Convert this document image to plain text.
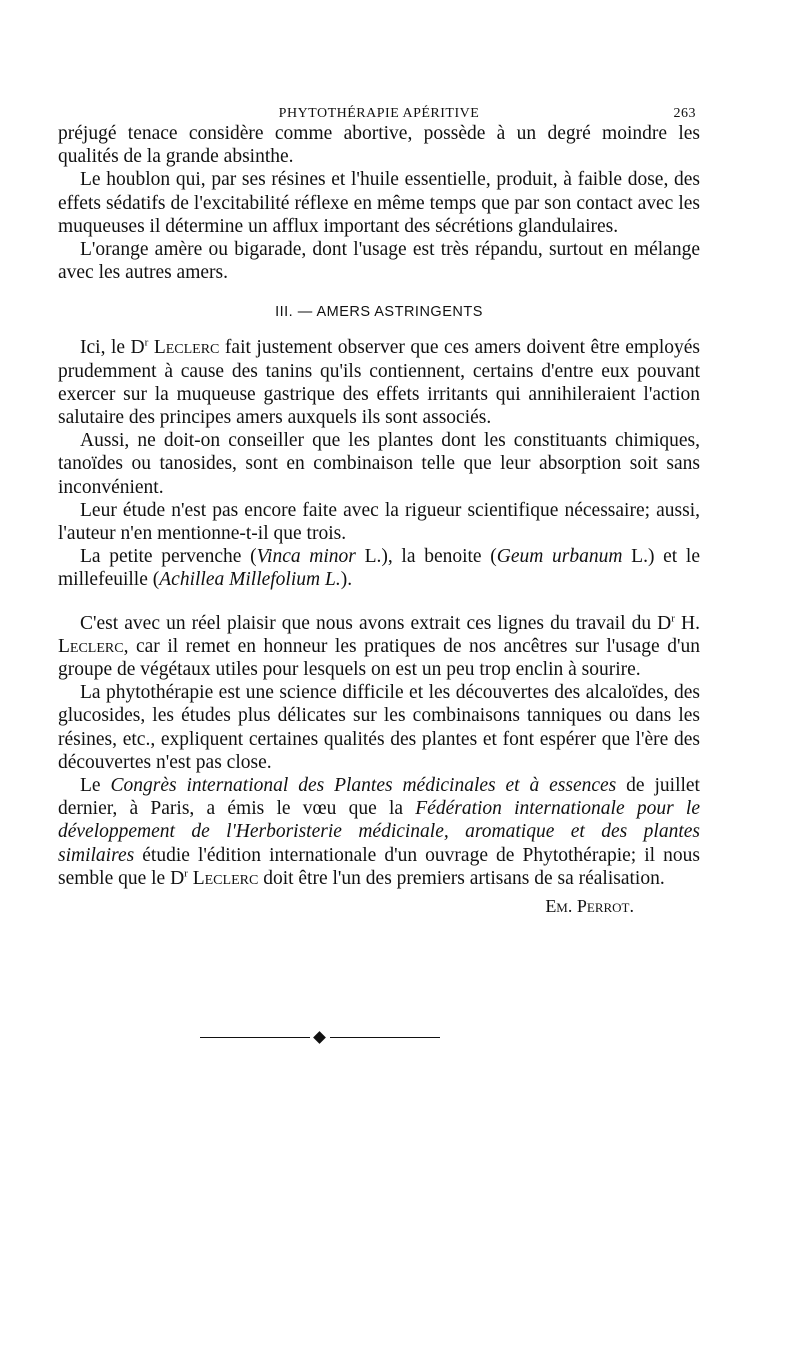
PHYTOTHÉRAPIE APÉRITIVE	263

préjugé tenace considère comme abortive, possède à un degré moindre les qualités de la grande absinthe.

Le houblon qui, par ses résines et l'huile essentielle, produit, à faible dose, des effets sédatifs de l'excitabilité réflexe en même temps que par son contact avec les muqueuses il détermine un afflux important des sécrétions glandulaires.

L'orange amère ou bigarade, dont l'usage est très répandu, surtout en mélange avec les autres amers.

III. — AMERS ASTRINGENTS

Ici, le $D^r$ Leclerc fait justement observer que ces amers doivent être employés prudemment à cause des tanins qu'ils contiennent, certains d'entre eux pouvant exercer sur la muqueuse gastrique des effets irritants qui annihileraient l'action salutaire des principes amers auxquels ils sont associés.

Aussi, ne doit-on conseiller que les plantes dont les constituants chimiques, tanoïdes ou tanosides, sont en combinaison telle que leur absorption soit sans inconvénient.

Leur étude n'est pas encore faite avec la rigueur scientifique nécessaire; aussi, l'auteur n'en mentionne-t-il que trois.

La petite pervenche (Vinca minor L.), la benoite (Geum urbanum L.) et le millefeuille (Achillea Millefolium L.).

C'est avec un réel plaisir que nous avons extrait ces lignes du travail du $D^r$ H. Leclerc, car il remet en honneur les pratiques de nos ancêtres sur l'usage d'un groupe de végétaux utiles pour lesquels on est un peu trop enclin à sourire.

La phytothérapie est une science difficile et les découvertes des alcaloïdes, des glucosides, les études plus délicates sur les combinaisons tanniques ou dans les résines, etc., expliquent certaines qualités des plantes et font espérer que l'ère des découvertes n'est pas close.

Le Congrès international des Plantes médicinales et à essences de juillet dernier, à Paris, a émis le vœu que la Fédération internationale pour le développement de l'Herboristerie médicinale, aromatique et des plantes similaires étudie l'édition internationale d'un ouvrage de Phytothérapie; il nous semble que le $D^r$ Leclerc doit être l'un des premiers artisans de sa réalisation.

Em. Perrot.
